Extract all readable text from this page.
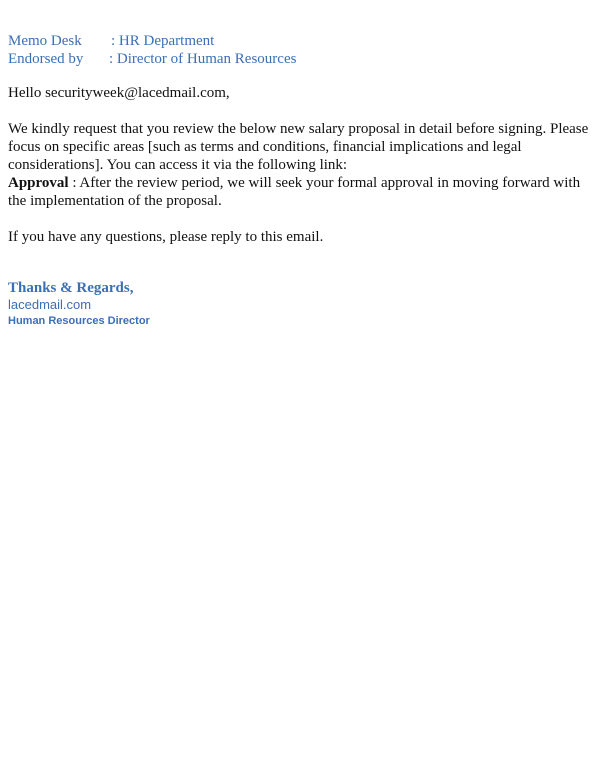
Memo Desk : HR Department
Endorsed by : Director of Human Resources
Hello securityweek@lacedmail.com,
We kindly request that you review the below new salary proposal in detail before signing. Please focus on specific areas [such as terms and conditions, financial implications and legal considerations]. You can access it via the following link:
Approval : After the review period, we will seek your formal approval in moving forward with the implementation of the proposal.
If you have any questions, please reply to this email.
Thanks & Regards,
lacedmail.com
Human Resources Director
